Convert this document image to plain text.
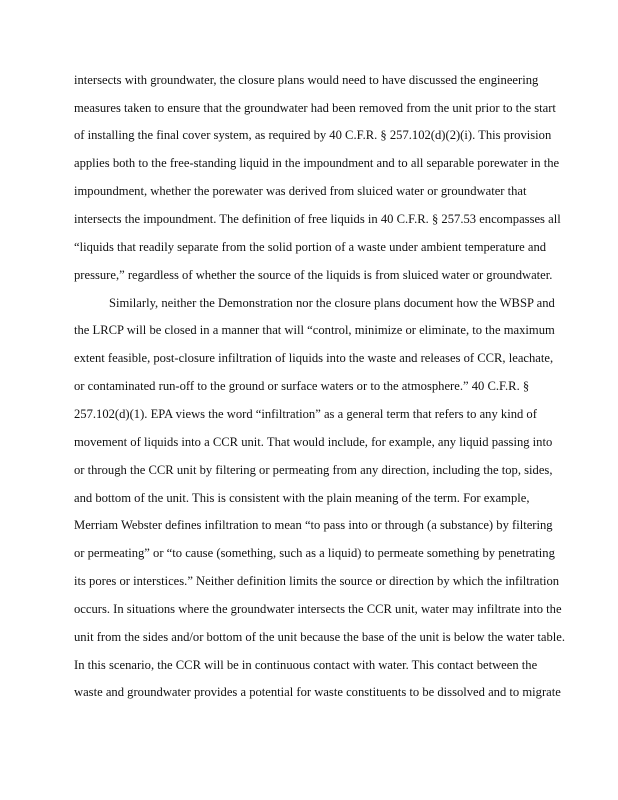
intersects with groundwater, the closure plans would need to have discussed the engineering

measures taken to ensure that the groundwater had been removed from the unit prior to the start

of installing the final cover system, as required by 40 C.F.R. § 257.102(d)(2)(i). This provision

applies both to the free-standing liquid in the impoundment and to all separable porewater in the

impoundment, whether the porewater was derived from sluiced water or groundwater that

intersects the impoundment. The definition of free liquids in 40 C.F.R. § 257.53 encompasses all

“liquids that readily separate from the solid portion of a waste under ambient temperature and

pressure,” regardless of whether the source of the liquids is from sluiced water or groundwater.

Similarly, neither the Demonstration nor the closure plans document how the WBSP and

the LRCP will be closed in a manner that will “control, minimize or eliminate, to the maximum

extent feasible, post-closure infiltration of liquids into the waste and releases of CCR, leachate,

or contaminated run-off to the ground or surface waters or to the atmosphere.” 40 C.F.R. §

257.102(d)(1). EPA views the word “infiltration” as a general term that refers to any kind of

movement of liquids into a CCR unit. That would include, for example, any liquid passing into

or through the CCR unit by filtering or permeating from any direction, including the top, sides,

and bottom of the unit. This is consistent with the plain meaning of the term. For example,

Merriam Webster defines infiltration to mean “to pass into or through (a substance) by filtering

or permeating” or “to cause (something, such as a liquid) to permeate something by penetrating

its pores or interstices.” Neither definition limits the source or direction by which the infiltration

occurs. In situations where the groundwater intersects the CCR unit, water may infiltrate into the

unit from the sides and/or bottom of the unit because the base of the unit is below the water table.

In this scenario, the CCR will be in continuous contact with water. This contact between the

waste and groundwater provides a potential for waste constituents to be dissolved and to migrate
